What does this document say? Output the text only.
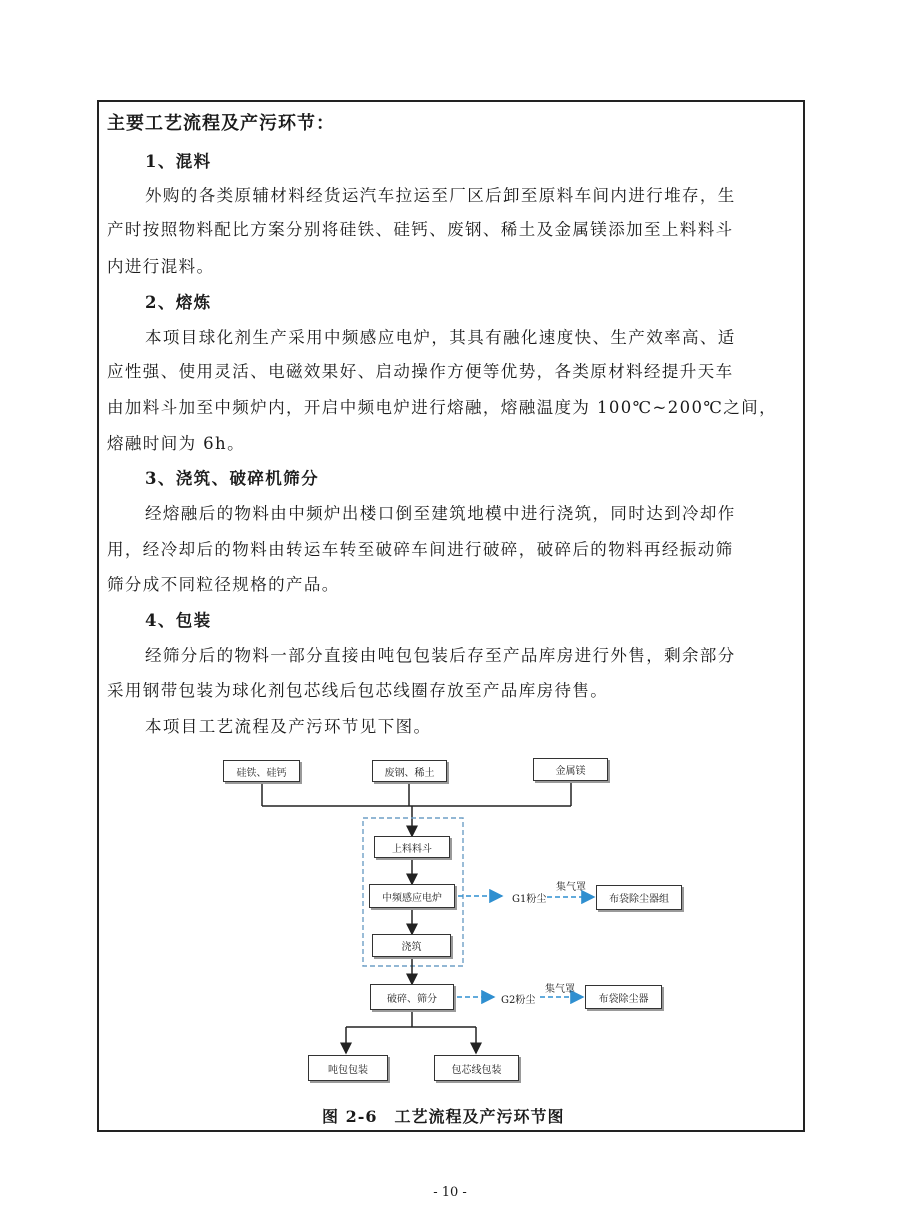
主要工艺流程及产污环节：
1、混料
外购的各类原辅材料经货运汽车拉运至厂区后卸至原料车间内进行堆存，生
产时按照物料配比方案分别将硅铁、硅钙、废钢、稀土及金属镁添加至上料料斗
内进行混料。
2、熔炼
本项目球化剂生产采用中频感应电炉，其具有融化速度快、生产效率高、适
应性强、使用灵活、电磁效果好、启动操作方便等优势，各类原材料经提升天车
由加料斗加至中频炉内，开启中频电炉进行熔融，熔融温度为 100℃~200℃之间，
熔融时间为 6h。
3、浇筑、破碎机筛分
经熔融后的物料由中频炉出楼口倒至建筑地模中进行浇筑，同时达到冷却作
用，经冷却后的物料由转运车转至破碎车间进行破碎，破碎后的物料再经振动筛
筛分成不同粒径规格的产品。
4、包装
经筛分后的物料一部分直接由吨包包装后存至产品库房进行外售，剩余部分
采用钢带包装为球化剂包芯线后包芯线圈存放至产品库房待售。
本项目工艺流程及产污环节见下图。
硅铁、硅钙	废钢、稀土	金属镁
上料料斗
中频感应电炉
浇筑
破碎、筛分
布袋除尘器组
布袋除尘器
吨包包装	包芯线包装
G1粉尘
集气罩
G2粉尘
集气罩
图 2-6　工艺流程及产污环节图
- 10 -
